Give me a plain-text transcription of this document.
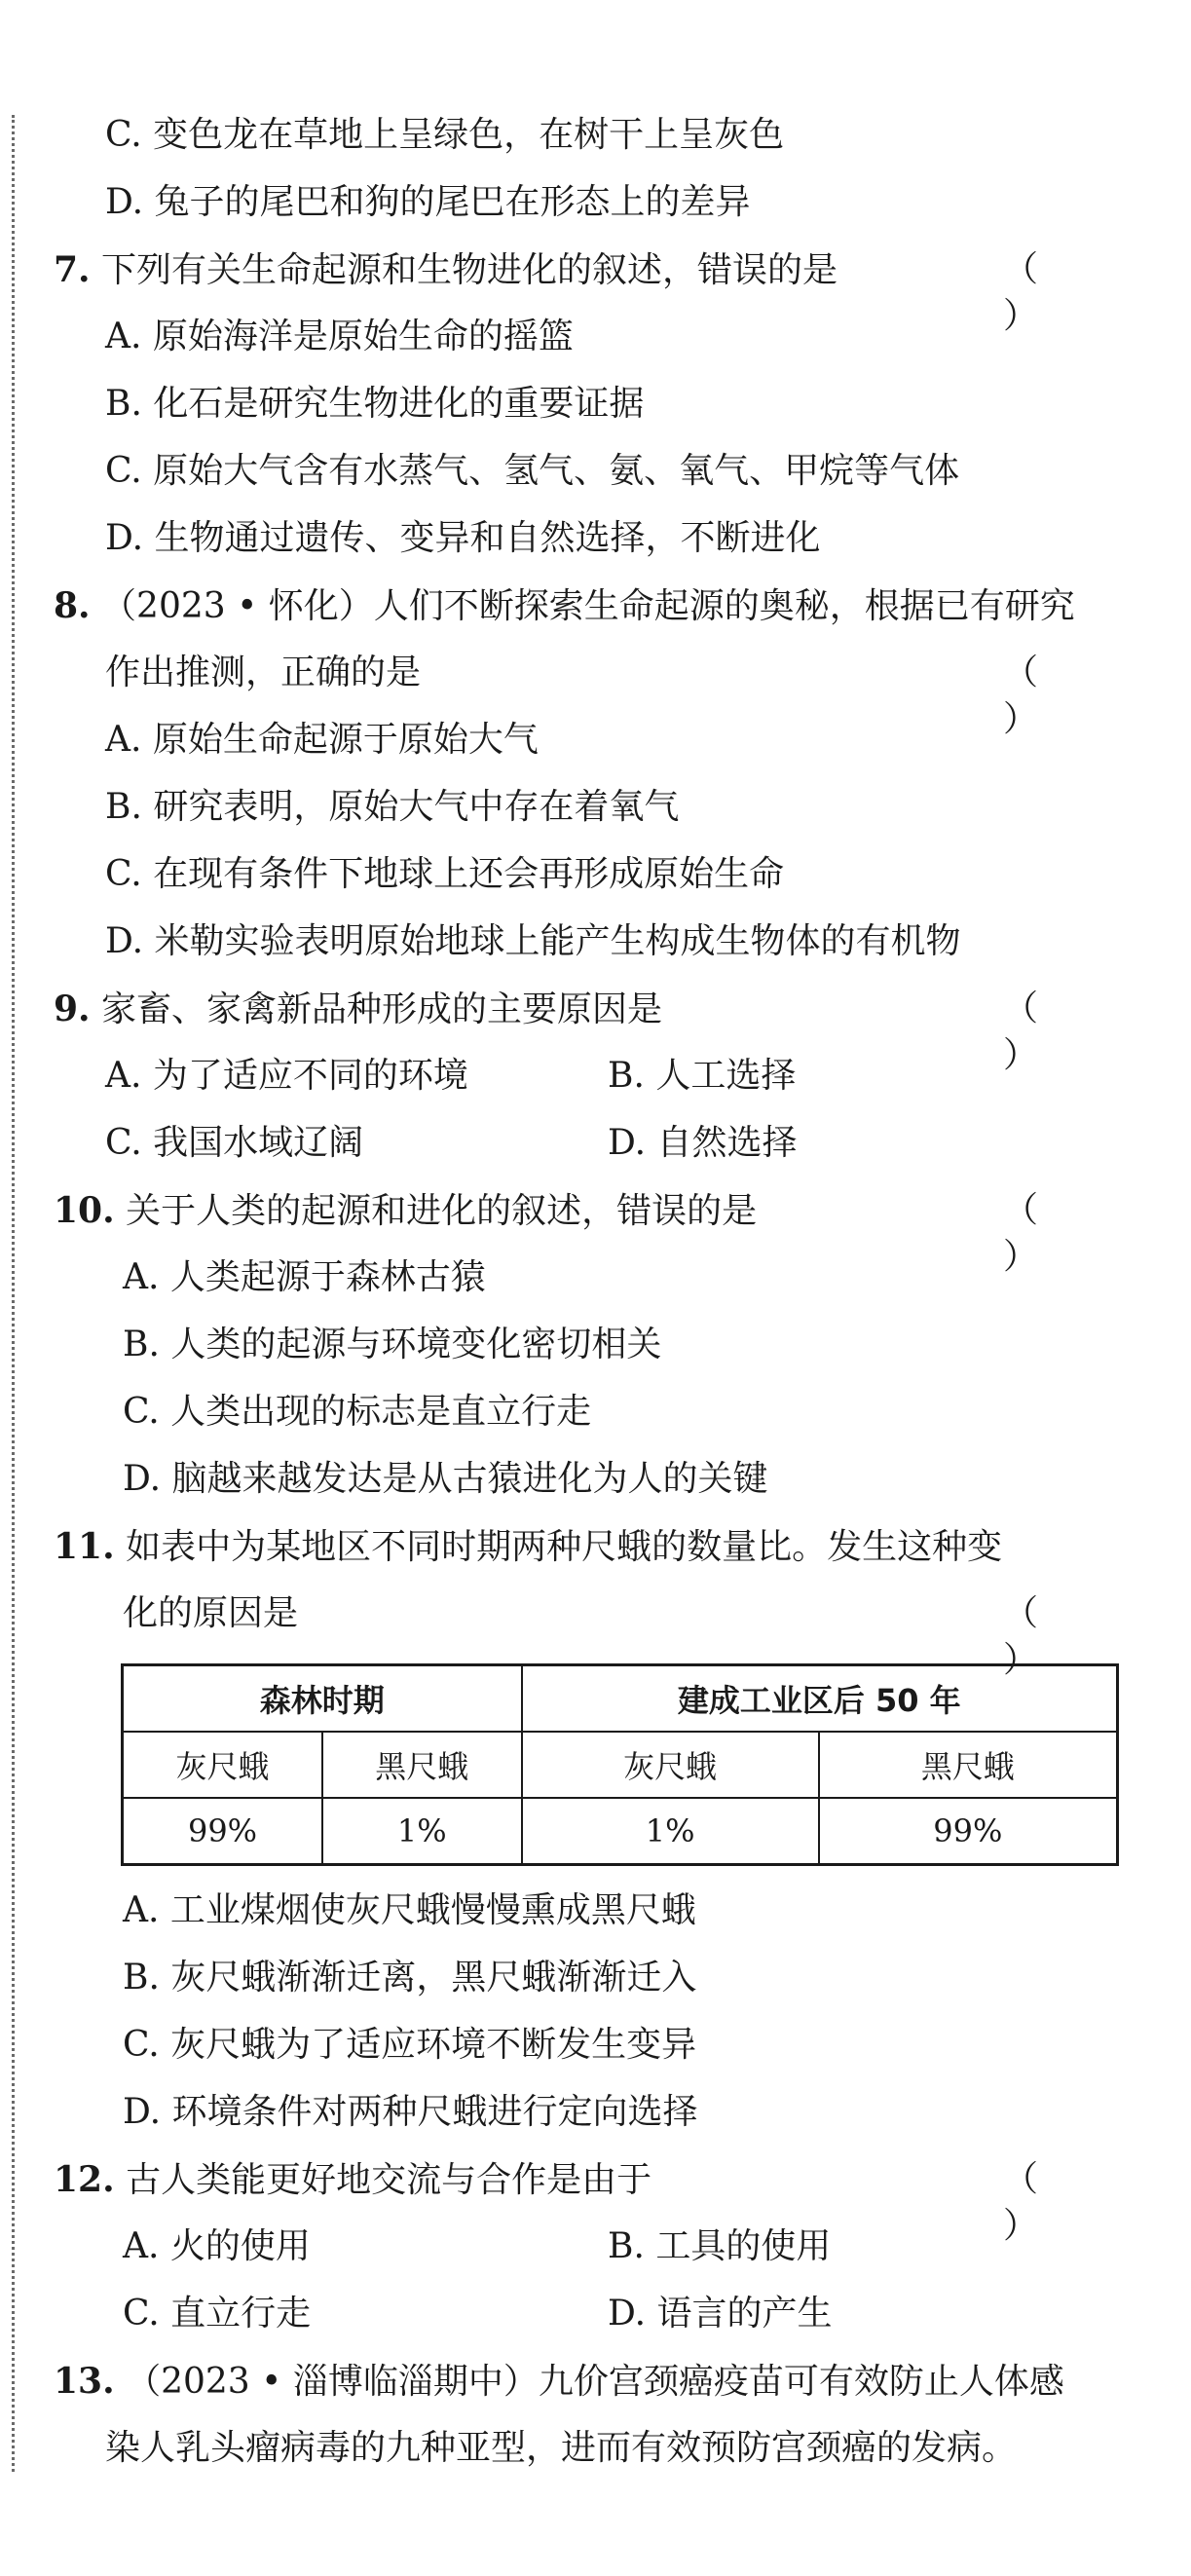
C. 变色龙在草地上呈绿色，在树干上呈灰色
D. 兔子的尾巴和狗的尾巴在形态上的差异
7. 下列有关生命起源和生物进化的叙述，错误的是	（ ）
A. 原始海洋是原始生命的摇篮
B. 化石是研究生物进化的重要证据
C. 原始大气含有水蒸气、氢气、氨、氧气、甲烷等气体
D. 生物通过遗传、变异和自然选择，不断进化
8. （2023 • 怀化）人们不断探索生命起源的奥秘，根据已有研究
作出推测，正确的是	（ ）
A. 原始生命起源于原始大气
B. 研究表明，原始大气中存在着氧气
C. 在现有条件下地球上还会再形成原始生命
D. 米勒实验表明原始地球上能产生构成生物体的有机物
9. 家畜、家禽新品种形成的主要原因是	（ ）
A. 为了适应不同的环境	B. 人工选择
C. 我国水域辽阔	D. 自然选择
10. 关于人类的起源和进化的叙述，错误的是	（ ）
A. 人类起源于森林古猿
B. 人类的起源与环境变化密切相关
C. 人类出现的标志是直立行走
D. 脑越来越发达是从古猿进化为人的关键
11. 如表中为某地区不同时期两种尺蛾的数量比。发生这种变
化的原因是	（ ）
森林时期		建成工业区后 50 年	
灰尺蛾	黑尺蛾	灰尺蛾	黑尺蛾
99%	1%	1%	99%
A. 工业煤烟使灰尺蛾慢慢熏成黑尺蛾
B. 灰尺蛾渐渐迁离，黑尺蛾渐渐迁入
C. 灰尺蛾为了适应环境不断发生变异
D. 环境条件对两种尺蛾进行定向选择
12. 古人类能更好地交流与合作是由于	（ ）
A. 火的使用	B. 工具的使用
C. 直立行走	D. 语言的产生
13. （2023 • 淄博临淄期中）九价宫颈癌疫苗可有效防止人体感
染人乳头瘤病毒的九种亚型，进而有效预防宫颈癌的发病。
